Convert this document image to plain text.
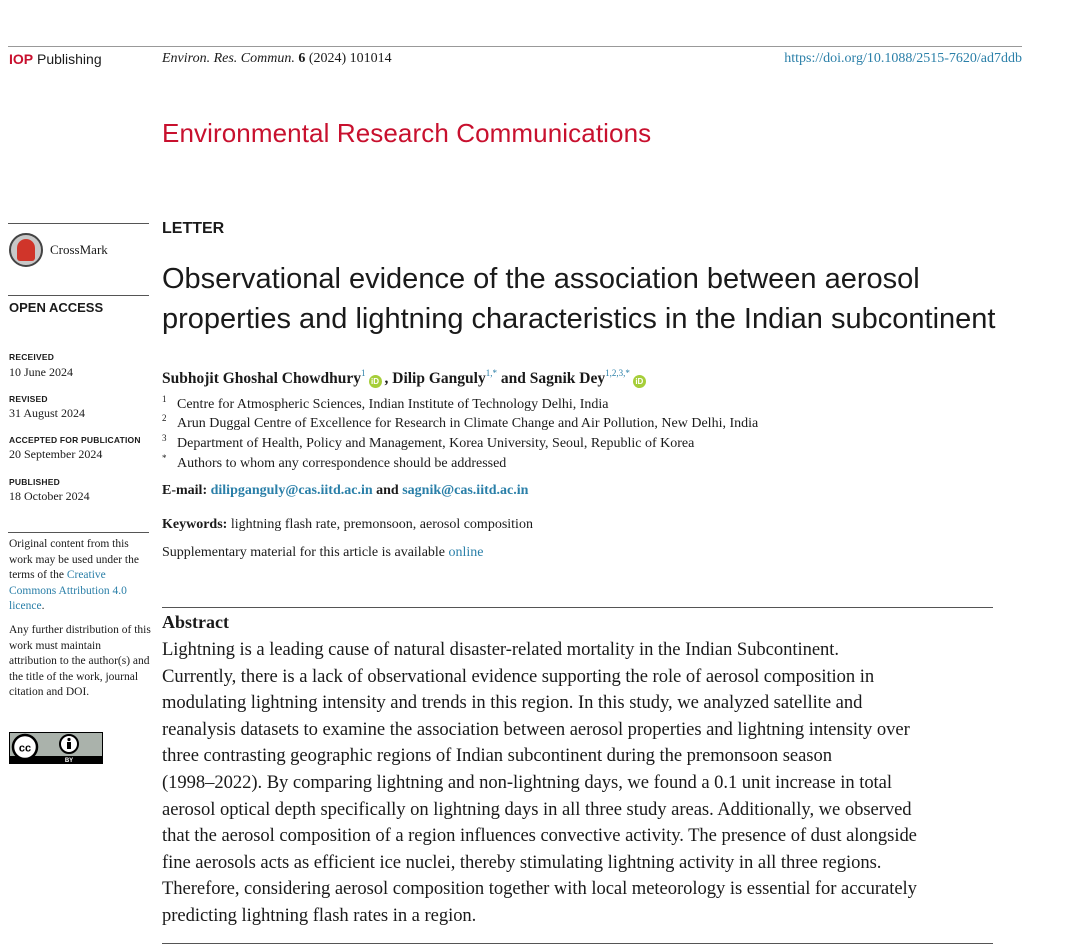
IOP Publishing	Environ. Res. Commun. 6 (2024) 101014	https://doi.org/10.1088/2515-7620/ad7ddb
Environmental Research Communications
CrossMark
OPEN ACCESS
RECEIVED
10 June 2024
REVISED
31 August 2024
ACCEPTED FOR PUBLICATION
20 September 2024
PUBLISHED
18 October 2024
Original content from this work may be used under the terms of the Creative Commons Attribution 4.0 licence.
Any further distribution of this work must maintain attribution to the author(s) and the title of the work, journal citation and DOI.
cc
BY
LETTER
Observational evidence of the association between aerosol
properties and lightning characteristics in the Indian subcontinent
Subhojit Ghoshal Chowdhury$^1$iD , Dilip Ganguly$^{1,*}$ and Sagnik Dey$^{1,2,3,*}$iD
1 Centre for Atmospheric Sciences, Indian Institute of Technology Delhi, India
2 Arun Duggal Centre of Excellence for Research in Climate Change and Air Pollution, New Delhi, India
3 Department of Health, Policy and Management, Korea University, Seoul, Republic of Korea
* Authors to whom any correspondence should be addressed
E-mail: dilipganguly@cas.iitd.ac.in and sagnik@cas.iitd.ac.in
Keywords: lightning flash rate, premonsoon, aerosol composition
Supplementary material for this article is available online
Abstract
Lightning is a leading cause of natural disaster-related mortality in the Indian Subcontinent.
Currently, there is a lack of observational evidence supporting the role of aerosol composition in
modulating lightning intensity and trends in this region. In this study, we analyzed satellite and
reanalysis datasets to examine the association between aerosol properties and lightning intensity over
three contrasting geographic regions of Indian subcontinent during the premonsoon season
(1998–2022). By comparing lightning and non-lightning days, we found a 0.1 unit increase in total
aerosol optical depth specifically on lightning days in all three study areas. Additionally, we observed
that the aerosol composition of a region influences convective activity. The presence of dust alongside
fine aerosols acts as efficient ice nuclei, thereby stimulating lightning activity in all three regions.
Therefore, considering aerosol composition together with local meteorology is essential for accurately
predicting lightning flash rates in a region.
